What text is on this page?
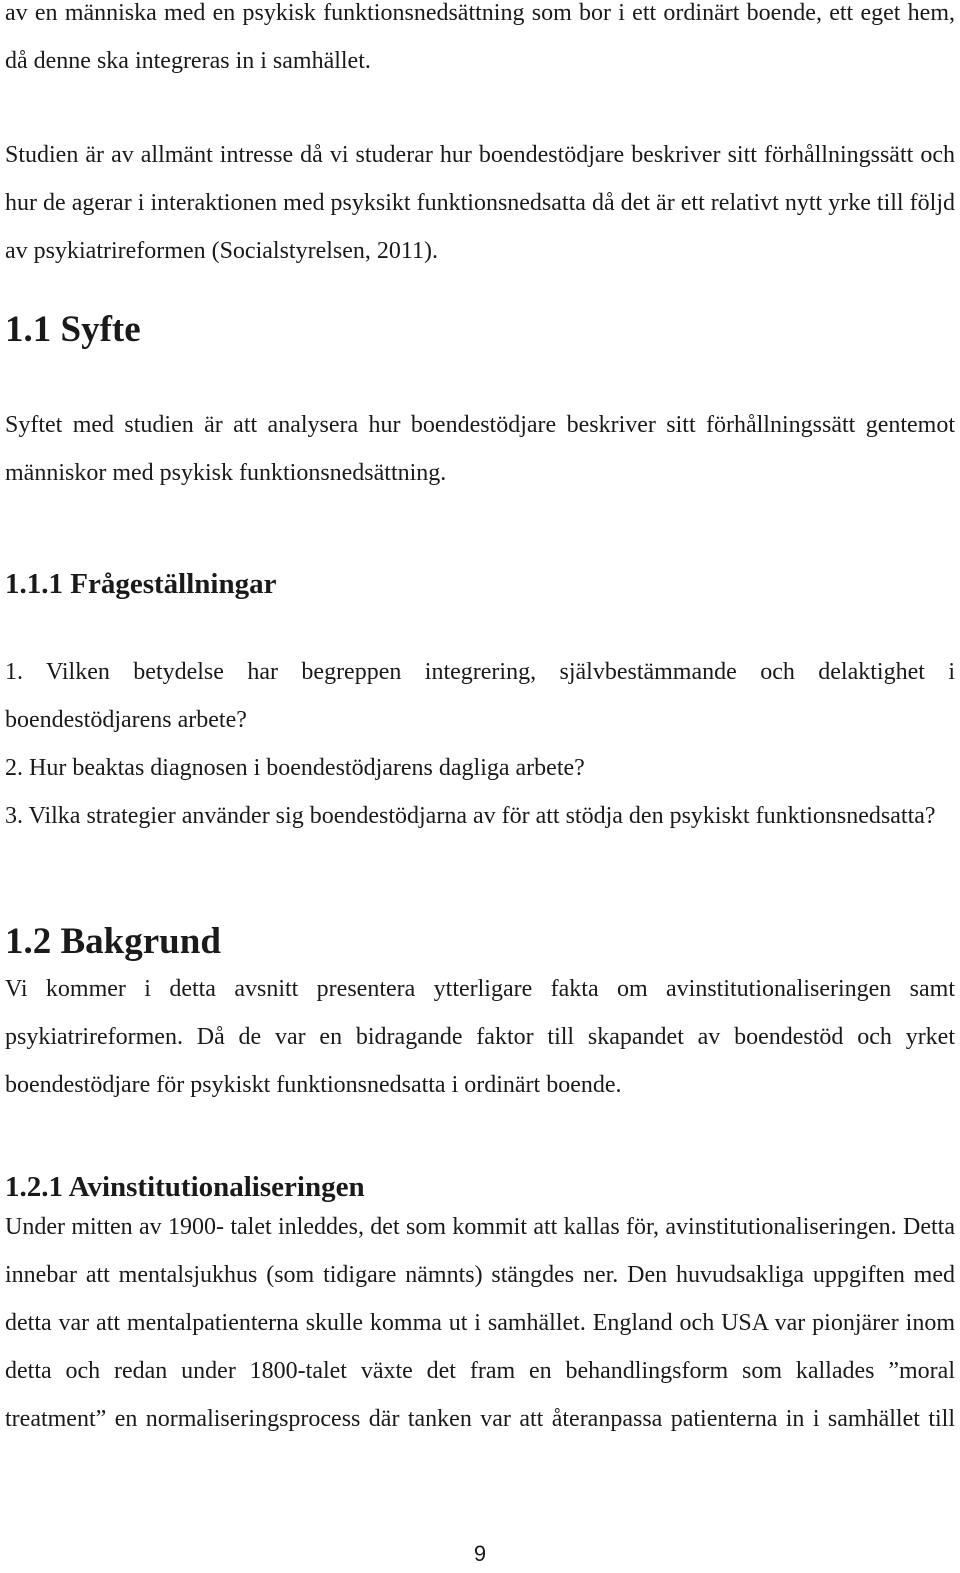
av en människa med en psykisk funktionsnedsättning som bor i ett ordinärt boende, ett eget hem, då denne ska integreras in i samhället.

Studien är av allmänt intresse då vi studerar hur boendestödjare beskriver sitt förhållningssätt och hur de agerar i interaktionen med psyksikt funktionsnedsatta då det är ett relativt nytt yrke till följd av psykiatrireformen (Socialstyrelsen, 2011).

1.1 Syfte

Syftet med studien är att analysera hur boendestödjare beskriver sitt förhållningssätt gentemot människor med psykisk funktionsnedsättning.

1.1.1 Frågeställningar

1. Vilken betydelse har begreppen integrering, självbestämmande och delaktighet i boendestödjarens arbete?

2. Hur beaktas diagnosen i boendestödjarens dagliga arbete?

3. Vilka strategier använder sig boendestödjarna av för att stödja den psykiskt funktionsnedsatta?

1.2 Bakgrund

Vi kommer i detta avsnitt presentera ytterligare fakta om avinstitutionaliseringen samt psykiatrireformen. Då de var en bidragande faktor till skapandet av boendestöd och yrket boendestödjare för psykiskt funktionsnedsatta i ordinärt boende.

1.2.1 Avinstitutionaliseringen

Under mitten av 1900- talet inleddes, det som kommit att kallas för, avinstitutionaliseringen. Detta innebar att mentalsjukhus (som tidigare nämnts) stängdes ner. Den huvudsakliga uppgiften med detta var att mentalpatienterna skulle komma ut i samhället. England och USA var pionjärer inom detta och redan under 1800-talet växte det fram en behandlingsform som kallades ”moral treatment” en normaliseringsprocess där tanken var att återanpassa patienterna in i samhället till

9
